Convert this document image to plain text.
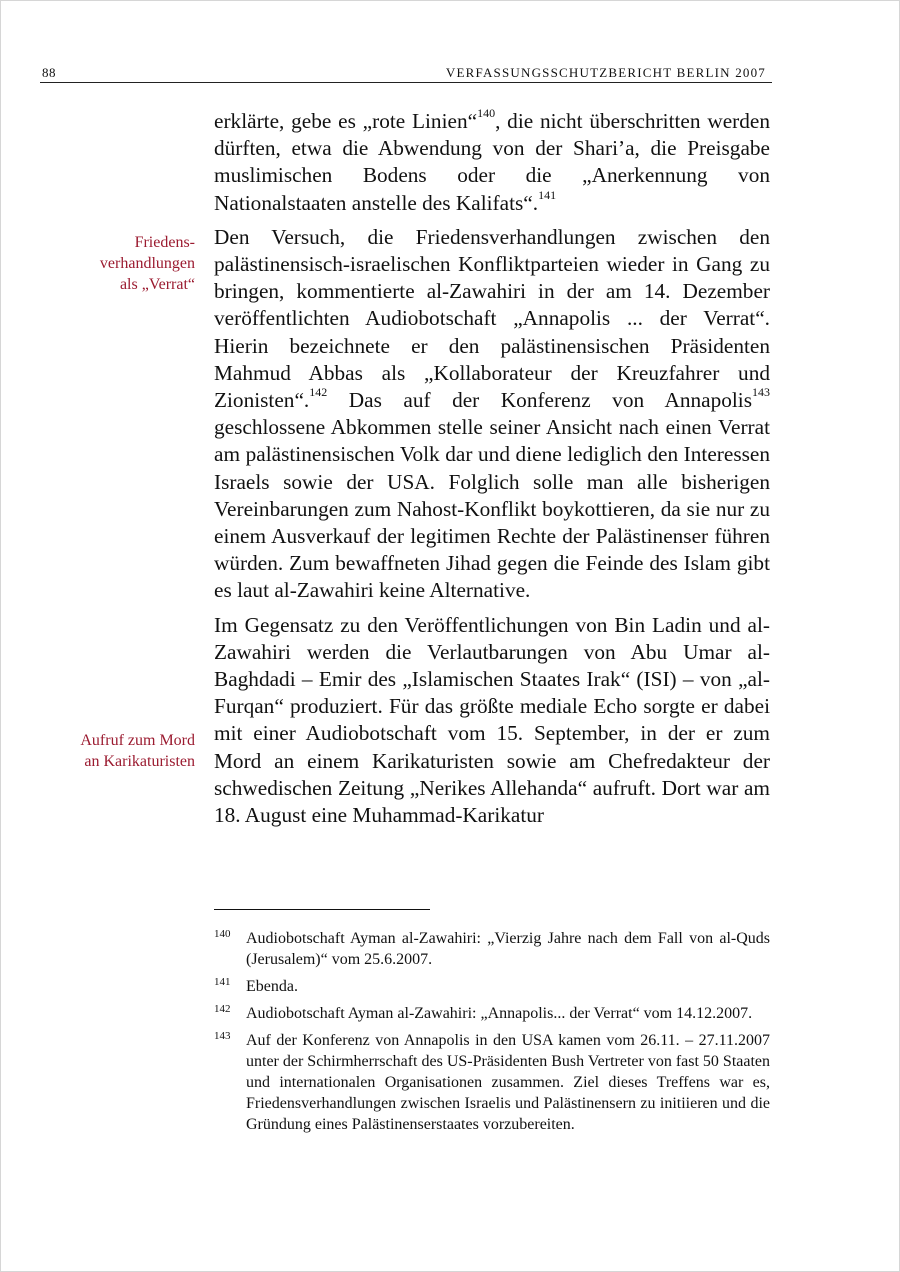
88	VERFASSUNGSSCHUTZBERICHT BERLIN 2007
Friedens-
verhandlungen
als „Verrat“
Aufruf zum Mord
an Karikaturisten

erklärte, gebe es „rote Linien“$^{140}$, die nicht überschritten werden dürften, etwa die Abwendung von der Shari’a, die Preisgabe muslimischen Bodens oder die „Anerkennung von Nationalstaaten anstelle des Kalifats“.$^{141}$

Den Versuch, die Friedensverhandlungen zwischen den palästinensisch-israelischen Konfliktparteien wieder in Gang zu bringen, kommentierte al-Zawahiri in der am 14. Dezember veröffentlichten Audiobotschaft „Annapolis ... der Verrat“. Hierin bezeichnete er den palästinensischen Präsidenten Mahmud Abbas als „Kollaborateur der Kreuzfahrer und Zionisten“.$^{142}$ Das auf der Konferenz von Annapolis$^{143}$ geschlossene Abkommen stelle seiner Ansicht nach einen Verrat am palästinensischen Volk dar und diene lediglich den Interessen Israels sowie der USA. Folglich solle man alle bisherigen Vereinbarungen zum Nahost-Konflikt boykottieren, da sie nur zu einem Ausverkauf der legitimen Rechte der Palästinenser führen würden. Zum bewaffneten Jihad gegen die Feinde des Islam gibt es laut al-Zawahiri keine Alternative.

Im Gegensatz zu den Veröffentlichungen von Bin Ladin und al-Zawahiri werden die Verlautbarungen von Abu Umar al-Baghdadi – Emir des „Islamischen Staates Irak“ (ISI) – von „al-Furqan“ produziert. Für das größte mediale Echo sorgte er dabei mit einer Audiobotschaft vom 15. September, in der er zum Mord an einem Karikaturisten sowie am Chefredakteur der schwedischen Zeitung „Nerikes Allehanda“ aufruft. Dort war am 18. August eine Muhammad-Karikatur

140 Audiobotschaft Ayman al-Zawahiri: „Vierzig Jahre nach dem Fall von al-Quds (Jerusalem)“ vom 25.6.2007.
141 Ebenda.
142 Audiobotschaft Ayman al-Zawahiri: „Annapolis... der Verrat“ vom 14.12.2007.
143 Auf der Konferenz von Annapolis in den USA kamen vom 26.11. – 27.11.2007 unter der Schirmherrschaft des US-Präsidenten Bush Vertreter von fast 50 Staaten und internationalen Organisationen zusammen. Ziel dieses Treffens war es, Friedensverhandlungen zwischen Israelis und Palästinensern zu initiieren und die Gründung eines Palästinenserstaates vorzubereiten.
